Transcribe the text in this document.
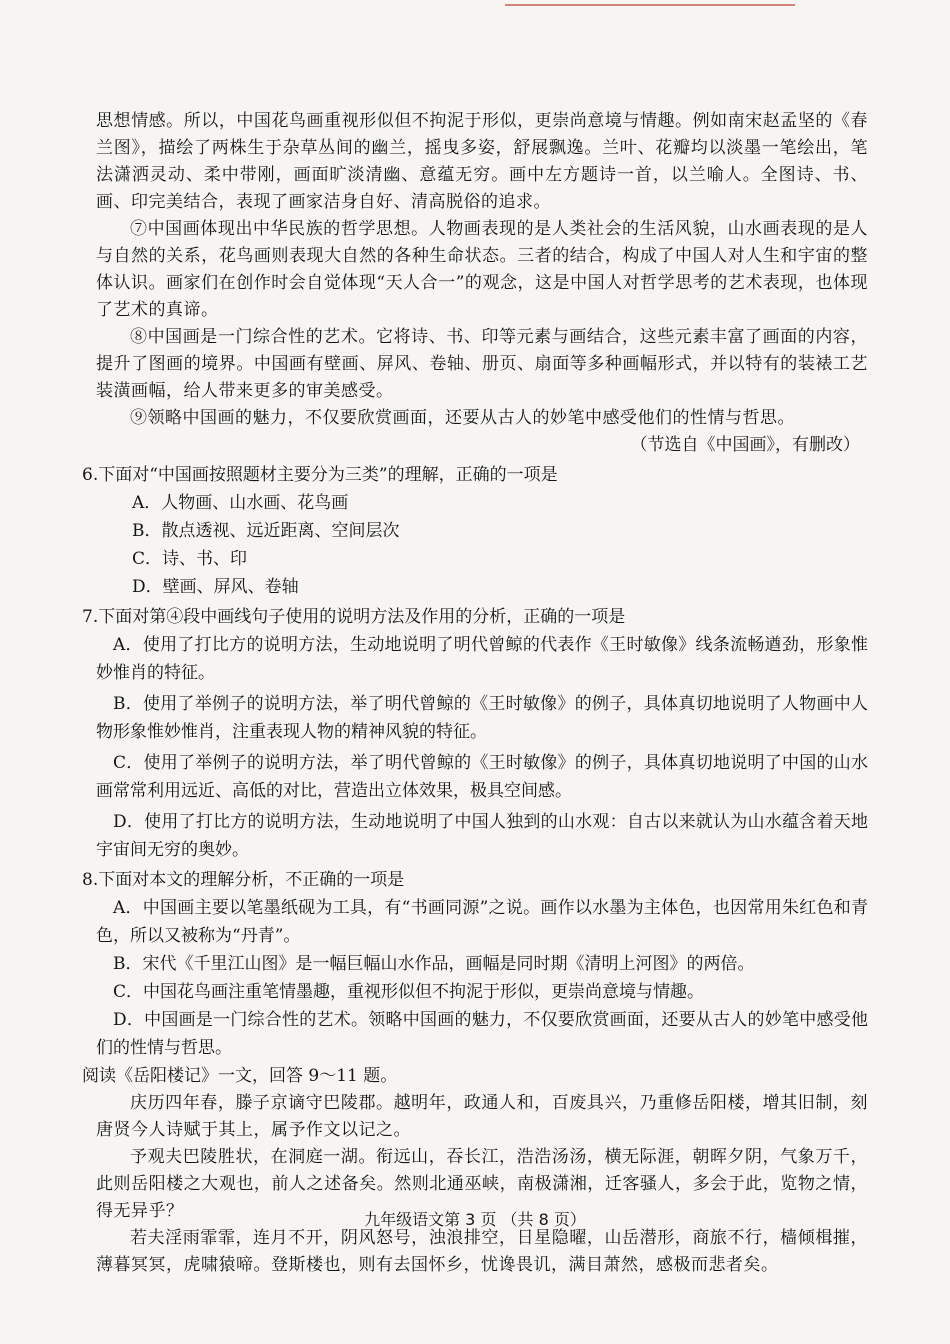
思想情感。所以，中国花鸟画重视形似但不拘泥于形似，更崇尚意境与情趣。例如南宋赵孟坚的《春兰图》，描绘了两株生于杂草丛间的幽兰，摇曳多姿，舒展飘逸。兰叶、花瓣均以淡墨一笔绘出，笔法潇洒灵动、柔中带刚，画面旷淡清幽、意蕴无穷。画中左方题诗一首，以兰喻人。全图诗、书、画、印完美结合，表现了画家洁身自好、清高脱俗的追求。

⑦中国画体现出中华民族的哲学思想。人物画表现的是人类社会的生活风貌，山水画表现的是人与自然的关系，花鸟画则表现大自然的各种生命状态。三者的结合，构成了中国人对人生和宇宙的整体认识。画家们在创作时会自觉体现“天人合一”的观念，这是中国人对哲学思考的艺术表现，也体现了艺术的真谛。

⑧中国画是一门综合性的艺术。它将诗、书、印等元素与画结合，这些元素丰富了画面的内容，提升了图画的境界。中国画有壁画、屏风、卷轴、册页、扇面等多种画幅形式，并以特有的装裱工艺装潢画幅，给人带来更多的审美感受。

⑨领略中国画的魅力，不仅要欣赏画面，还要从古人的妙笔中感受他们的性情与哲思。

（节选自《中国画》，有删改）

6.下面对“中国画按照题材主要分为三类”的理解，正确的一项是

A．人物画、山水画、花鸟画

B．散点透视、远近距离、空间层次

C．诗、书、印

D．壁画、屏风、卷轴

7.下面对第④段中画线句子使用的说明方法及作用的分析，正确的一项是

A．使用了打比方的说明方法，生动地说明了明代曾鲸的代表作《王时敏像》线条流畅遒劲，形象惟妙惟肖的特征。

B．使用了举例子的说明方法，举了明代曾鲸的《王时敏像》的例子，具体真切地说明了人物画中人物形象惟妙惟肖，注重表现人物的精神风貌的特征。

C．使用了举例子的说明方法，举了明代曾鲸的《王时敏像》的例子，具体真切地说明了中国的山水画常常利用远近、高低的对比，营造出立体效果，极具空间感。

D．使用了打比方的说明方法，生动地说明了中国人独到的山水观：自古以来就认为山水蕴含着天地宇宙间无穷的奥妙。

8.下面对本文的理解分析，不正确的一项是

A．中国画主要以笔墨纸砚为工具，有“书画同源”之说。画作以水墨为主体色，也因常用朱红色和青色，所以又被称为“丹青”。

B．宋代《千里江山图》是一幅巨幅山水作品，画幅是同时期《清明上河图》的两倍。

C．中国花鸟画注重笔情墨趣，重视形似但不拘泥于形似，更崇尚意境与情趣。

D．中国画是一门综合性的艺术。领略中国画的魅力，不仅要欣赏画面，还要从古人的妙笔中感受他们的性情与哲思。

阅读《岳阳楼记》一文，回答 9～11 题。

庆历四年春，滕子京谪守巴陵郡。越明年，政通人和，百废具兴，乃重修岳阳楼，增其旧制，刻唐贤今人诗赋于其上，属予作文以记之。

予观夫巴陵胜状，在洞庭一湖。衔远山，吞长江，浩浩汤汤，横无际涯，朝晖夕阴，气象万千，此则岳阳楼之大观也，前人之述备矣。然则北通巫峡，南极潇湘，迁客骚人，多会于此，览物之情，得无异乎？

若夫淫雨霏霏，连月不开，阴风怒号，浊浪排空，日星隐曜，山岳潜形，商旅不行，樯倾楫摧，薄暮冥冥，虎啸猿啼。登斯楼也，则有去国怀乡，忧谗畏讥，满目萧然，感极而悲者矣。

九年级语文第 3 页 （共 8 页）
